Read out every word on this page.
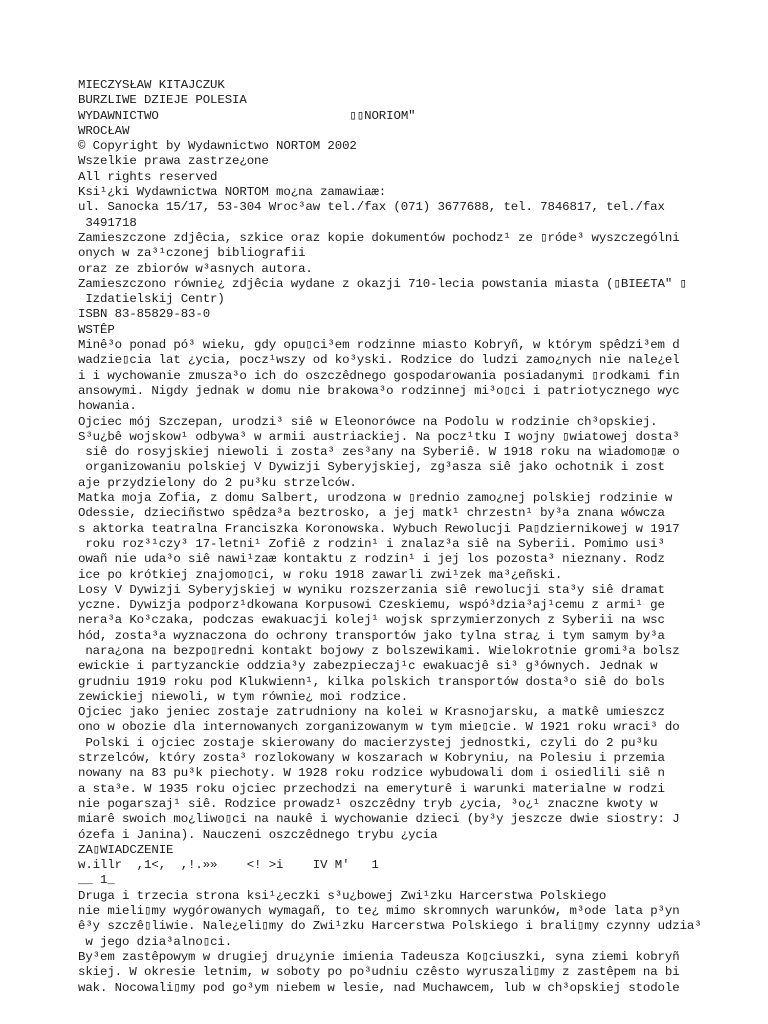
MIECZYSŁAW KITAJCZUK
BURZLIWE DZIEJE POLESIA
WYDAWNICTWO                          ▯▯NORIOM"
WROCŁAW
© Copyright by Wydawnictwo NORTOM 2002
Wszelkie prawa zastrze¿one
All rights reserved
Ksi¹¿ki Wydawnictwa NORTOM mo¿na zamawiaæ:
ul. Sanocka 15/17, 53-304 Wroc³aw tel./fax (071) 3677688, tel. 7846817, tel./fax
3491718
Zamieszczone zdjêcia, szkice oraz kopie dokumentów pochodz¹ ze ▯róde³ wyszczególni
onych w za³¹czonej bibliografii
oraz ze zbiorów w³asnych autora.
Zamieszczono równie¿ zdjêcia wydane z okazji 710-lecia powstania miasta (▯BIE£TA" ▯
Izdatielskij Centr)
ISBN 83-85829-83-0
WSTÊP
Minê³o ponad pó³ wieku, gdy opu▯ci³em rodzinne miasto Kobryñ, w którym spêdzi³em d
wadzie▯cia lat ¿ycia, pocz¹wszy od ko³yski. Rodzice do ludzi zamo¿nych nie nale¿el
i i wychowanie zmusza³o ich do oszczêdnego gospodarowania posiadanymi ▯rodkami fin
ansowymi. Nigdy jednak w domu nie brakowa³o rodzinnej mi³o▯ci i patriotycznego wyc
howania.
Ojciec mój Szczepan, urodzi³ siê w Eleonorówce na Podolu w rodzinie ch³opskiej.
S³u¿bê wojskow¹ odbywa³ w armii austriackiej. Na pocz¹tku I wojny ▯wiatowej dosta³
siê do rosyjskiej niewoli i zosta³ zes³any na Syberiê. W 1918 roku na wiadomo▯æ o
organizowaniu polskiej V Dywizji Syberyjskiej, zg³asza siê jako ochotnik i zost
aje przydzielony do 2 pu³ku strzelców.
Matka moja Zofia, z domu Salbert, urodzona w ▯rednio zamo¿nej polskiej rodzinie w
Odessie, dzieciñstwo spêdza³a beztrosko, a jej matk¹ chrzestn¹ by³a znana wówcza
s aktorka teatralna Franciszka Koronowska. Wybuch Rewolucji Pa▯dziernikowej w 1917
roku roz³¹czy³ 17-letni¹ Zofiê z rodzin¹ i znalaz³a siê na Syberii. Pomimo usi³
owañ nie uda³o siê nawi¹zaæ kontaktu z rodzin¹ i jej los pozosta³ nieznany. Rodz
ice po krótkiej znajomo▯ci, w roku 1918 zawarli zwi¹zek ma³¿eñski.
Losy V Dywizji Syberyjskiej w wyniku rozszerzania siê rewolucji sta³y siê dramat
yczne. Dywizja podporz¹dkowana Korpusowi Czeskiemu, wspó³dzia³aj¹cemu z armi¹ ge
nera³a Ko³czaka, podczas ewakuacji kolej¹ wojsk sprzymierzonych z Syberii na wsc
hód, zosta³a wyznaczona do ochrony transportów jako tylna stra¿ i tym samym by³a
nara¿ona na bezpo▯redni kontakt bojowy z bolszewikami. Wielokrotnie gromi³a bolsz
ewickie i partyzanckie oddzia³y zabezpieczaj¹c ewakuacjê si³ g³ównych. Jednak w
grudniu 1919 roku pod Klukwienn¹, kilka polskich transportów dosta³o siê do bols
zewickiej niewoli, w tym równie¿ moi rodzice.
Ojciec jako jeniec zostaje zatrudniony na kolei w Krasnojarsku, a matkê umieszcz
ono w obozie dla internowanych zorganizowanym w tym mie▯cie. W 1921 roku wraci³ do
Polski i ojciec zostaje skierowany do macierzystej jednostki, czyli do 2 pu³ku
strzelców, który zosta³ rozlokowany w koszarach w Kobryniu, na Polesiu i przemia
nowany na 83 pu³k piechoty. W 1928 roku rodzice wybudowali dom i osiedlili siê n
a sta³e. W 1935 roku ojciec przechodzi na emeryturê i warunki materialne w rodzi
nie pogarszaj¹ siê. Rodzice prowadz¹ oszczêdny tryb ¿ycia, ³o¿¹ znaczne kwoty w
miarê swoich mo¿liwo▯ci na naukê i wychowanie dzieci (by³y jeszcze dwie siostry: J
ózefa i Janina). Nauczeni oszczêdnego trybu ¿ycia
ZA▯WIADCZENIE
w.illr  ,1<,  ,!.»»    <! >i    IV M'   1
__ 1_
Druga i trzecia strona ksi¹¿eczki s³u¿bowej Zwi¹zku Harcerstwa Polskiego
nie mieli▯my wygórowanych wymagañ, to te¿ mimo skromnych warunków, m³ode lata p³yn
ê³y szczê▯liwie. Nale¿eli▯my do Zwi¹zku Harcerstwa Polskiego i brali▯my czynny udzia³
w jego dzia³alno▯ci.
By³em zastêpowym w drugiej dru¿ynie imienia Tadeusza Ko▯ciuszki, syna ziemi kobryñ
skiej. W okresie letnim, w soboty po po³udniu czêsto wyruszali▯my z zastêpem na bi
wak. Nocowali▯my pod go³ym niebem w lesie, nad Muchawcem, lub w ch³opskiej stodole
